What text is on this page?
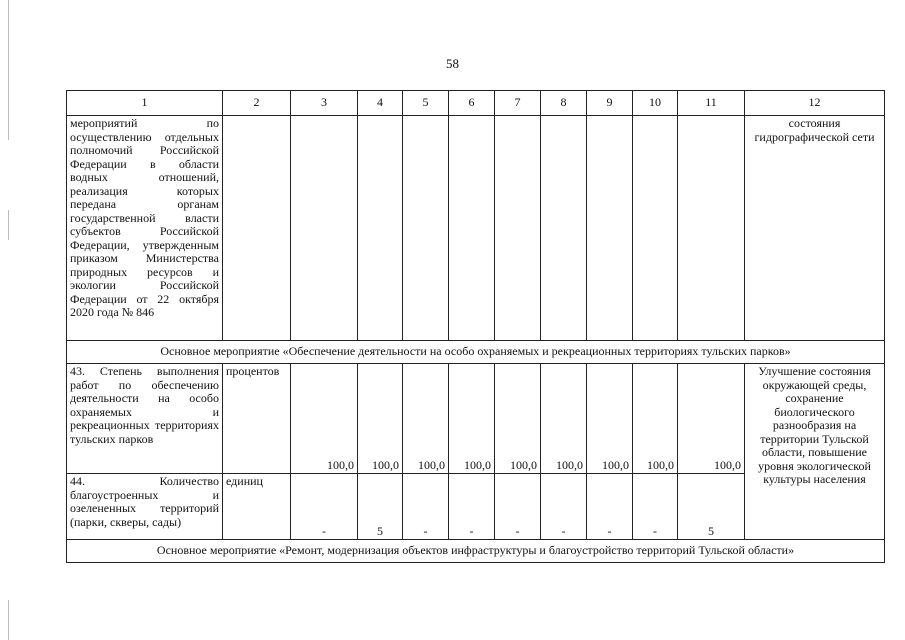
58
1	2	3	4	5	6	7	8	9	10	11	12
мероприятий по осуществлению отдельных полномочий Российской Федерации в области водных отношений, реализация которых передана органам государственной власти субъектов Российской Федерации, утвержденным приказом Министерства природных ресурсов и экологии Российской Федерации от 22 октября 2020 года № 846											состояния гидрографической сети
Основное мероприятие «Обеспечение деятельности на особо охраняемых и рекреационных территориях тульских парков»											
43. Степень выполнения работ по обеспечению деятельности на особо охраняемых и рекреационных территориях тульских парков	процентов	100,0	100,0	100,0	100,0	100,0	100,0	100,0	100,0	100,0	Улучшение состояния окружающей среды, сохранение биологического разнообразия на территории Тульской области, повышение уровня экологической культуры населения
44. Количество благоустроенных и озелененных территорий (парки, скверы, сады)	единиц	-	5	-	-	-	-	-	-	5	
Основное мероприятие «Ремонт, модернизация объектов инфраструктуры и благоустройство территорий Тульской области»											
